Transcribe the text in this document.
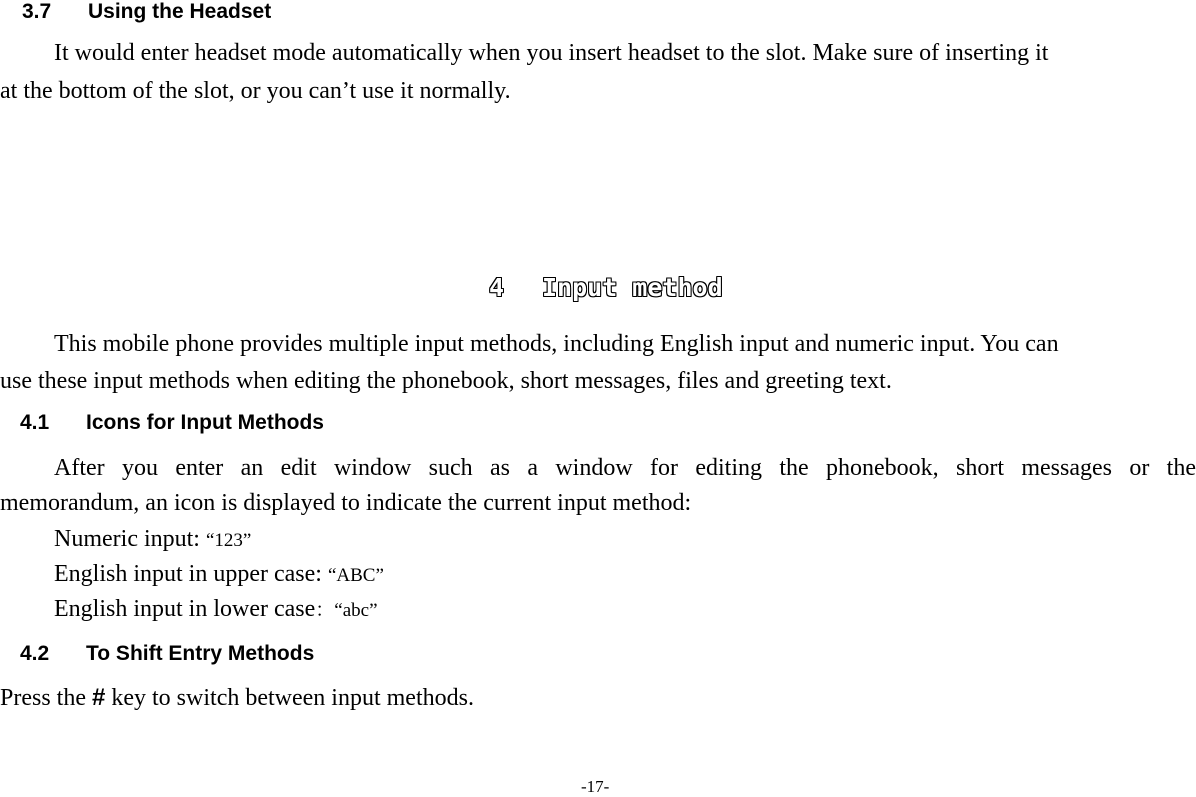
3.7 Using the Headset
It would enter headset mode automatically when you insert headset to the slot. Make sure of inserting it
at the bottom of the slot, or you can’t use it normally.
4 Input method
This mobile phone provides multiple input methods, including English input and numeric input. You can
use these input methods when editing the phonebook, short messages, files and greeting text.
4.1 Icons for Input Methods
After you enter an edit window such as a window for editing the phonebook, short messages or the
memorandum, an icon is displayed to indicate the current input method:
Numeric input: “123”
English input in upper case: “ABC”
English input in lower case：“abc”
4.2 To Shift Entry Methods
Press the # key to switch between input methods.
-17-
